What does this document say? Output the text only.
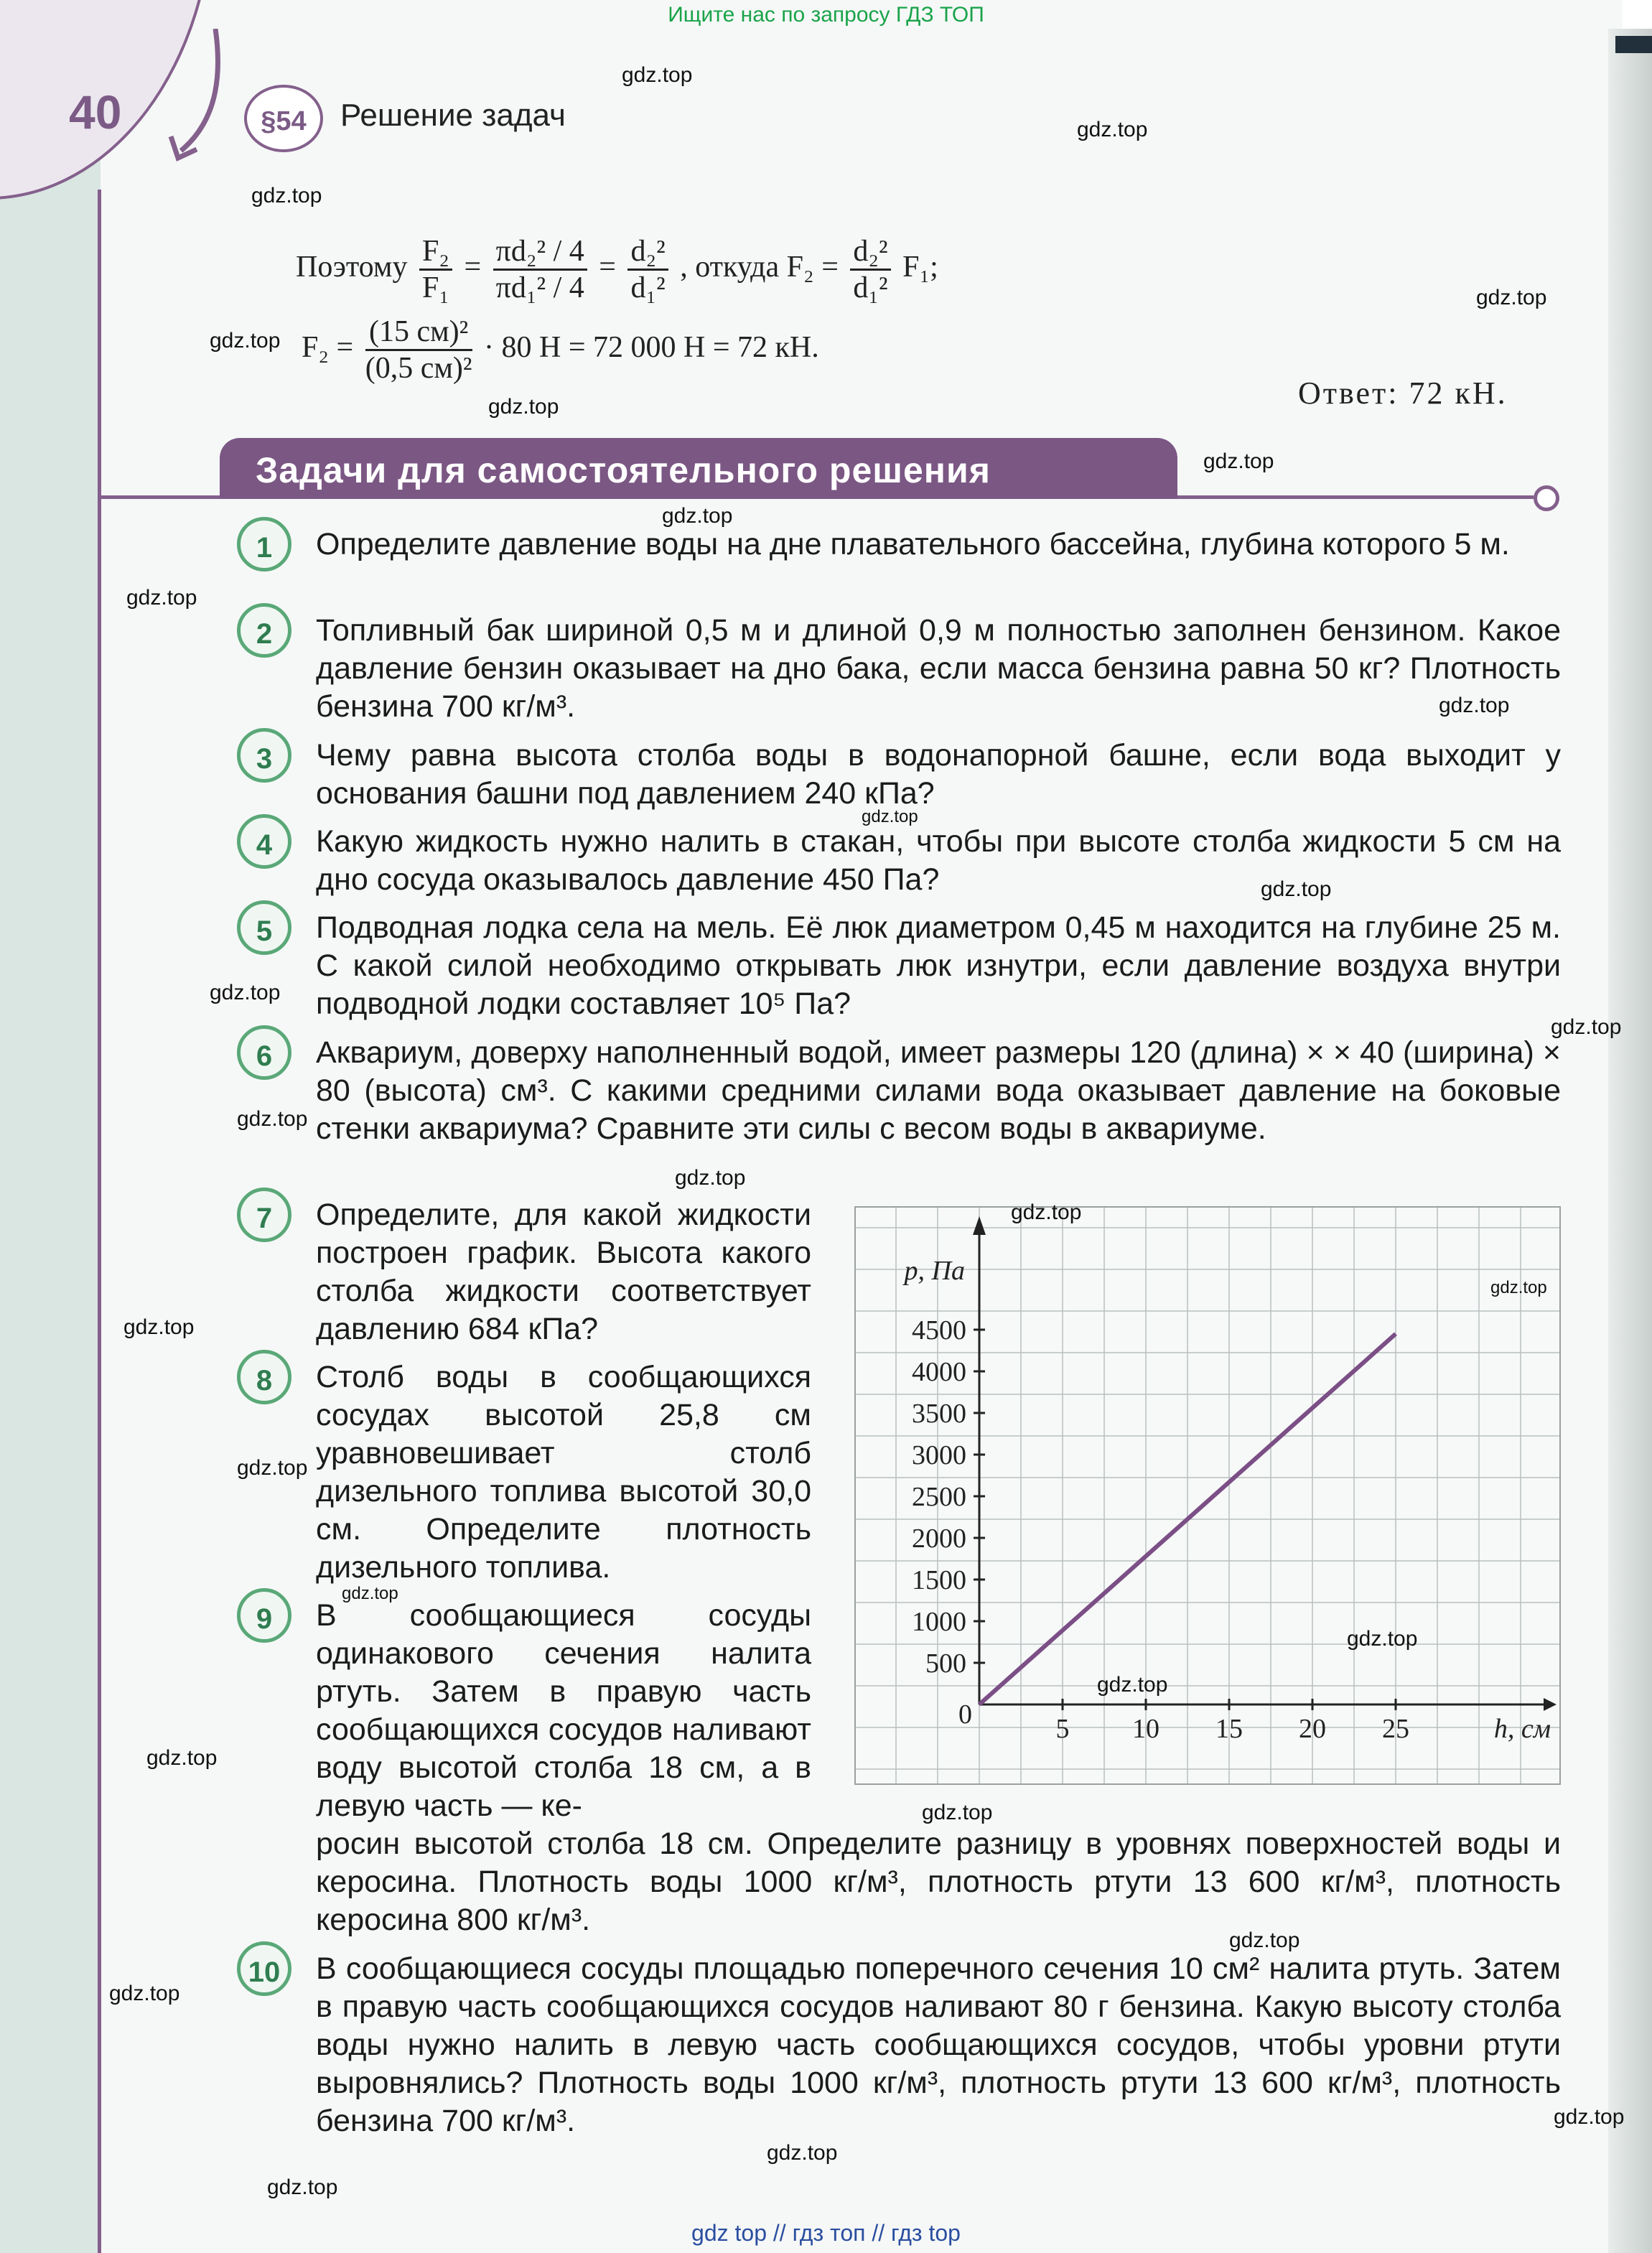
Ищите нас по запросу ГДЗ ТОП
40	§54	Решение задач
Поэтому $\frac{\text{F₂}}{\text{F₁}} = \frac{\text{πd₂² / 4}}{\text{πd₁² / 4}} = \frac{\text{d₂²}}{\text{d₁²}}$ , откуда $F_2 = \frac{\text{d₂²}}{\text{d₁²}} F_1$;
$F_2 = \frac{\text{(15 см)²}}{\text{(0,5 см)²}} \cdot 80$ Н = 72 000 Н = 72 кН.
Ответ: 72 кН.
Задачи для самостоятельного решения
1	Определите давление воды на дне плавательного бассейна, глубина которого 5 м.
2	Топливный бак шириной 0,5 м и длиной 0,9 м полностью заполнен бензином. Какое давление бензин оказывает на дно бака, если масса бензина равна 50 кг? Плотность бензина 700 кг/м³.
3	Чему равна высота столба воды в водонапорной башне, если вода выходит у основания башни под давлением 240 кПа?
4	Какую жидкость нужно налить в стакан, чтобы при высоте столба жидкости 5 см на дно сосуда оказывалось давление 450 Па?
5	Подводная лодка села на мель. Её люк диаметром 0,45 м находится на глубине 25 м. С какой силой необходимо открывать люк изнутри, если давление воздуха внутри подводной лодки составляет 10⁵ Па?
6	Аквариум, доверху наполненный водой, имеет размеры 120 (длина) × × 40 (ширина) × 80 (высота) см³. С какими средними силами вода оказывает давление на боковые стенки аквариума? Сравните эти силы с весом воды в аквариуме.
7	Определите, для какой жидкости построен график. Высота какого столба жидкости соответствует давлению 684 кПа?
8	Столб воды в сообщающихся сосудах высотой 25,8 см уравновешивает столб дизельного топлива высотой 30,0 см. Определите плотность дизельного топлива.
9	В сообщающиеся сосуды одинакового сечения налита ртуть. Затем в правую часть сообщающихся сосудов наливают воду высотой столба 18 см, а в левую часть — ке-
росин высотой столба 18 см. Определите разницу в уровнях поверхностей воды и керосина. Плотность воды 1000 кг/м³, плотность ртути 13 600 кг/м³, плотность керосина 800 кг/м³.
10	В сообщающиеся сосуды площадью поперечного сечения 10 см² налита ртуть. Затем в правую часть сообщающихся сосудов наливают 80 г бензина. Какую высоту столба воды нужно налить в левую часть сообщающихся сосудов, чтобы уровни ртути выровнялись? Плотность воды 1000 кг/м³, плотность ртути 13 600 кг/м³, плотность бензина 700 кг/м³.
5 10 15 20 25
500
1000
1500
2000
2500
3000
3500
4000
4500
0	h, см
p, Па
gdz.top
gdz.top
gdz.top
gdz.top
gdz.top
gdz.top
gdz.top
gdz.top
gdz.top
gdz.top
gdz.top
gdz.top
gdz.top
gdz.top
gdz.top
gdz.top
gdz.top
gdz.top
gdz.top
gdz.top
gdz.top
gdz.top
gdz.top
gdz.top
gdz.top
gdz.top
gdz.top
gdz.top
gdz.top
gdz.top
gdz top // гдз топ // гдз top
